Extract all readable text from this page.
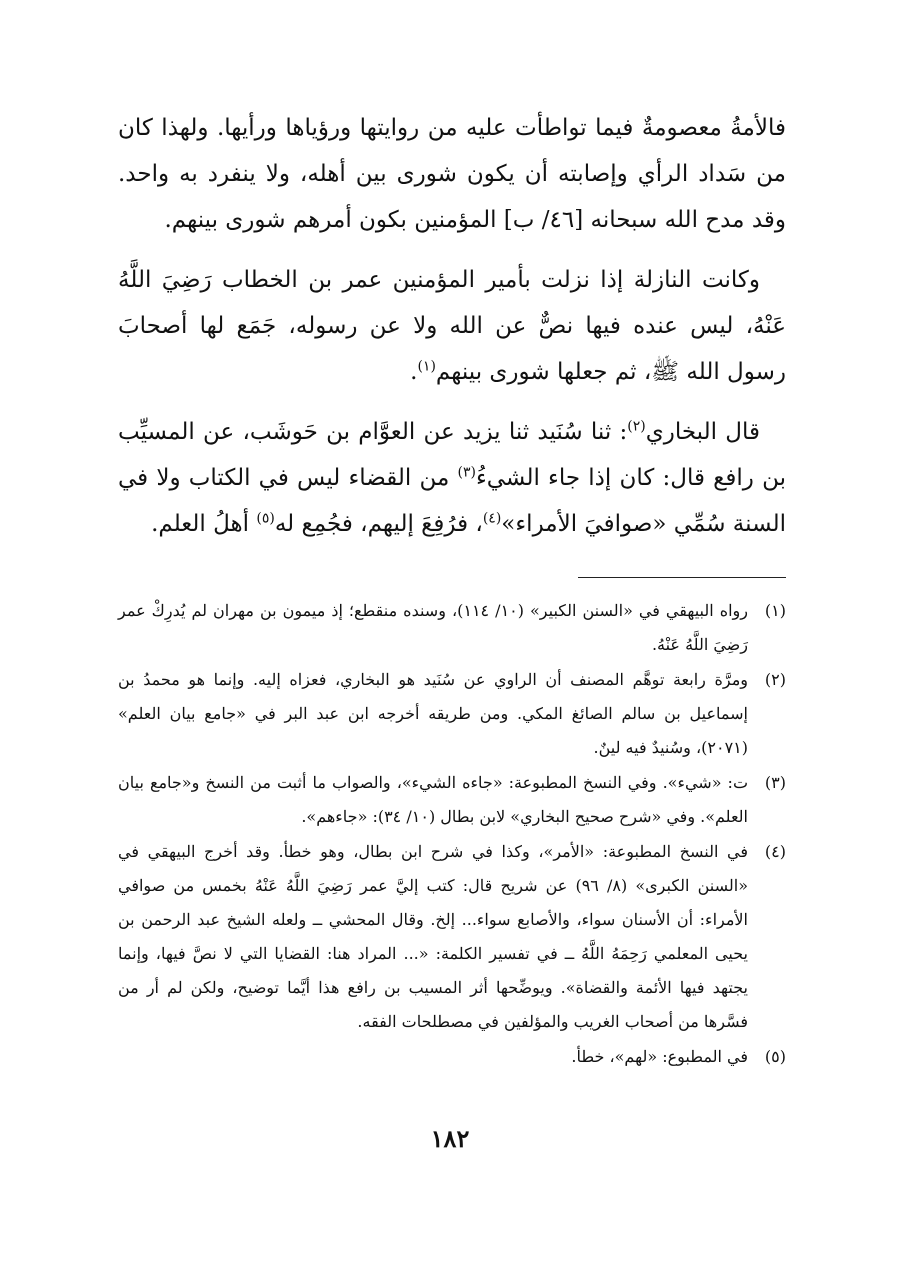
فالأمةُ معصومةٌ فيما تواطأت عليه من روايتها ورؤياها ورأيها. ولهذا كان من سَداد الرأي وإصابته أن يكون شورى بين أهله، ولا ينفرد به واحد. وقد مدح الله سبحانه [٤٦/ ب] المؤمنين بكون أمرهم شورى بينهم.

وكانت النازلة إذا نزلت بأمير المؤمنين عمر بن الخطاب رَضِيَ اللَّهُ عَنْهُ، ليس عنده فيها نصٌّ عن الله ولا عن رسوله، جَمَع لها أصحابَ رسول الله ﷺ، ثم جعلها شورى بينهم$^{(١)}$.

قال البخاري$^{(٢)}$: ثنا سُنَيد ثنا يزيد عن العوَّام بن حَوشَب، عن المسيِّب بن رافع قال: كان إذا جاء الشيءُ$^{(٣)}$ من القضاء ليس في الكتاب ولا في السنة سُمِّي «صوافيَ الأمراء»$^{(٤)}$، فرُفِعَ إليهم، فجُمِع له$^{(٥)}$ أهلُ العلم.

(١)
رواه البيهقي في «السنن الكبير» (١٠/ ١١٤)، وسنده منقطع؛ إذ ميمون بن مهران لم يُدرِكْ عمر رَضِيَ اللَّهُ عَنْهُ.
(٢)
ومرَّة رابعة توهَّم المصنف أن الراوي عن سُنَيد هو البخاري، فعزاه إليه. وإنما هو محمدُ بن إسماعيل بن سالم الصائغ المكي. ومن طريقه أخرجه ابن عبد البر في «جامع بيان العلم» (٢٠٧١)، وسُنيدٌ فيه لينٌ.
(٣)
ت: «شيء». وفي النسخ المطبوعة: «جاءه الشيء»، والصواب ما أثبت من النسخ و«جامع بيان العلم». وفي «شرح صحيح البخاري» لابن بطال (١٠/ ٣٤): «جاءهم».
(٤)
في النسخ المطبوعة: «الأمر»، وكذا في شرح ابن بطال، وهو خطأ. وقد أخرج البيهقي في «السنن الكبرى» (٨/ ٩٦) عن شريح قال: كتب إليَّ عمر رَضِيَ اللَّهُ عَنْهُ بخمس من صوافي الأمراء: أن الأسنان سواء، والأصابع سواء... إلخ. وقال المحشي ــ ولعله الشيخ عبد الرحمن بن يحيى المعلمي رَحِمَهُ اللَّهُ ــ في تفسير الكلمة: «... المراد هنا: القضايا التي لا نصَّ فيها، وإنما يجتهد فيها الأئمة والقضاة». ويوضِّحها أثر المسيب بن رافع هذا أيَّما توضيح، ولكن لم أر من فسَّرها من أصحاب الغريب والمؤلفين في مصطلحات الفقه.
(٥)
في المطبوع: «لهم»، خطأ.
١٨٢
